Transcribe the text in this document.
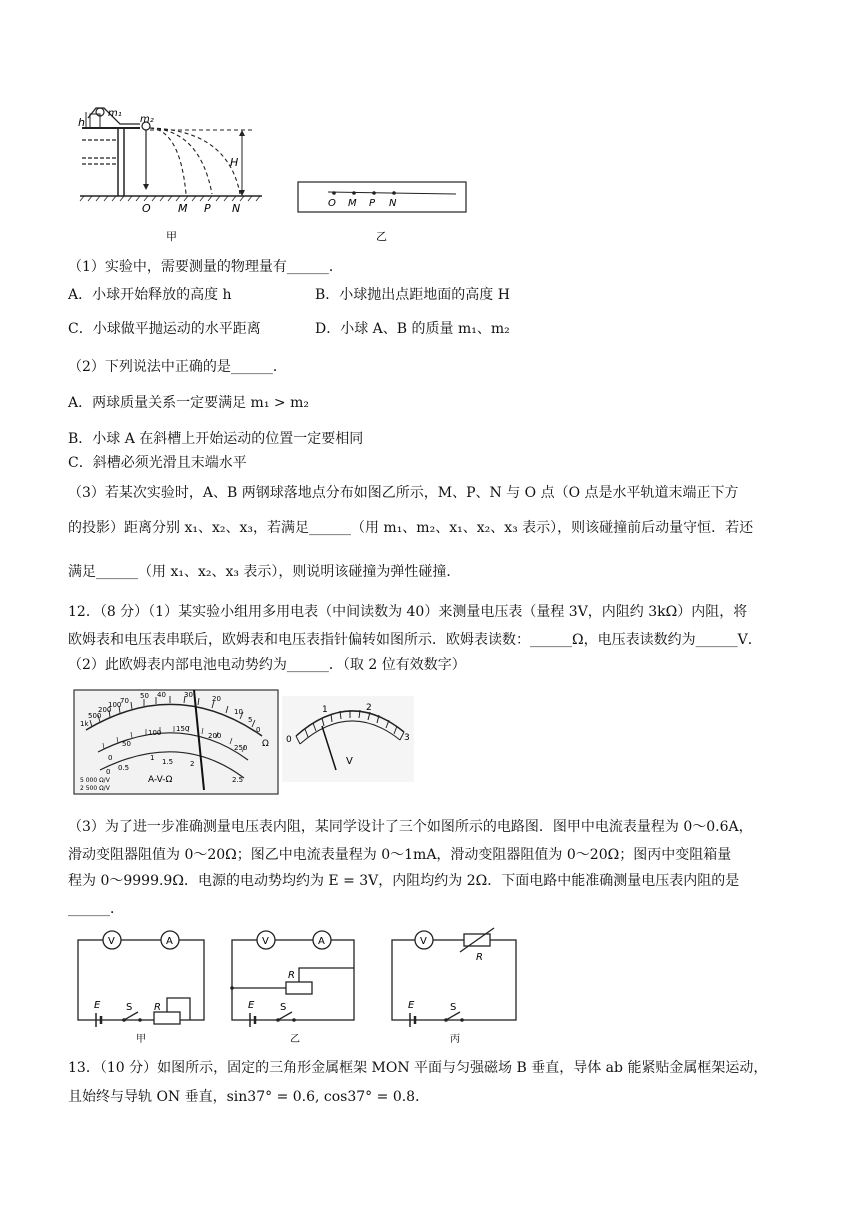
h
m₁
m₂
H
O M P N
甲
O M P N
乙
（1）实验中，需要测量的物理量有______．
A．小球开始释放的高度 h	B．小球抛出点距地面的高度 H
C．小球做平抛运动的水平距离	D．小球 A、B 的质量 m₁、m₂
（2）下列说法中正确的是______．
A．两球质量关系一定要满足 m₁ > m₂
B．小球 A 在斜槽上开始运动的位置一定要相同
C．斜槽必须光滑且末端水平
（3）若某次实验时，A、B 两钢球落地点分布如图乙所示，M、P、N 与 O 点（O 点是水平轨道末端正下方
的投影）距离分别 x₁、x₂、x₃，若满足______（用 m₁、m₂、x₁、x₂、x₃ 表示），则该碰撞前后动量守恒．若还
满足______（用 x₁、x₂、x₃ 表示），则说明该碰撞为弹性碰撞．
12．（8 分）（1）某实验小组用多用电表（中间读数为 40）来测量电压表（量程 3V，内阻约 3kΩ）内阻，将
欧姆表和电压表串联后，欧姆表和电压表指针偏转如图所示．欧姆表读数：______Ω，电压表读数约为______V．
（2）此欧姆表内部电池电动势约为______．（取 2 位有效数字）
1k
500
200
100
70
50 40	30	20
10
5
0
Ω
0
50
100 150
200
250
0 0.5
1 1.5 2
2.5
A-V-Ω
5 000 Ω/V
2 500 Ω/V
0
1	2
3
V
（3）为了进一步准确测量电压表内阻，某同学设计了三个如图所示的电路图．图甲中电流表量程为 0～0.6A，
滑动变阻器阻值为 0～20Ω；图乙中电流表量程为 0～1mA，滑动变阻器阻值为 0～20Ω；图丙中变阻箱量
程为 0～9999.9Ω．电源的电动势均约为 E = 3V，内阻均约为 2Ω．下面电路中能准确测量电压表内阻的是
______．
V	A
E	S R
甲
V	A
R
E	S
乙
V
R
E	S
丙
13．（10 分）如图所示，固定的三角形金属框架 MON 平面与匀强磁场 B 垂直，导体 ab 能紧贴金属框架运动，
且始终与导轨 ON 垂直，sin37° = 0.6, cos37° = 0.8．
